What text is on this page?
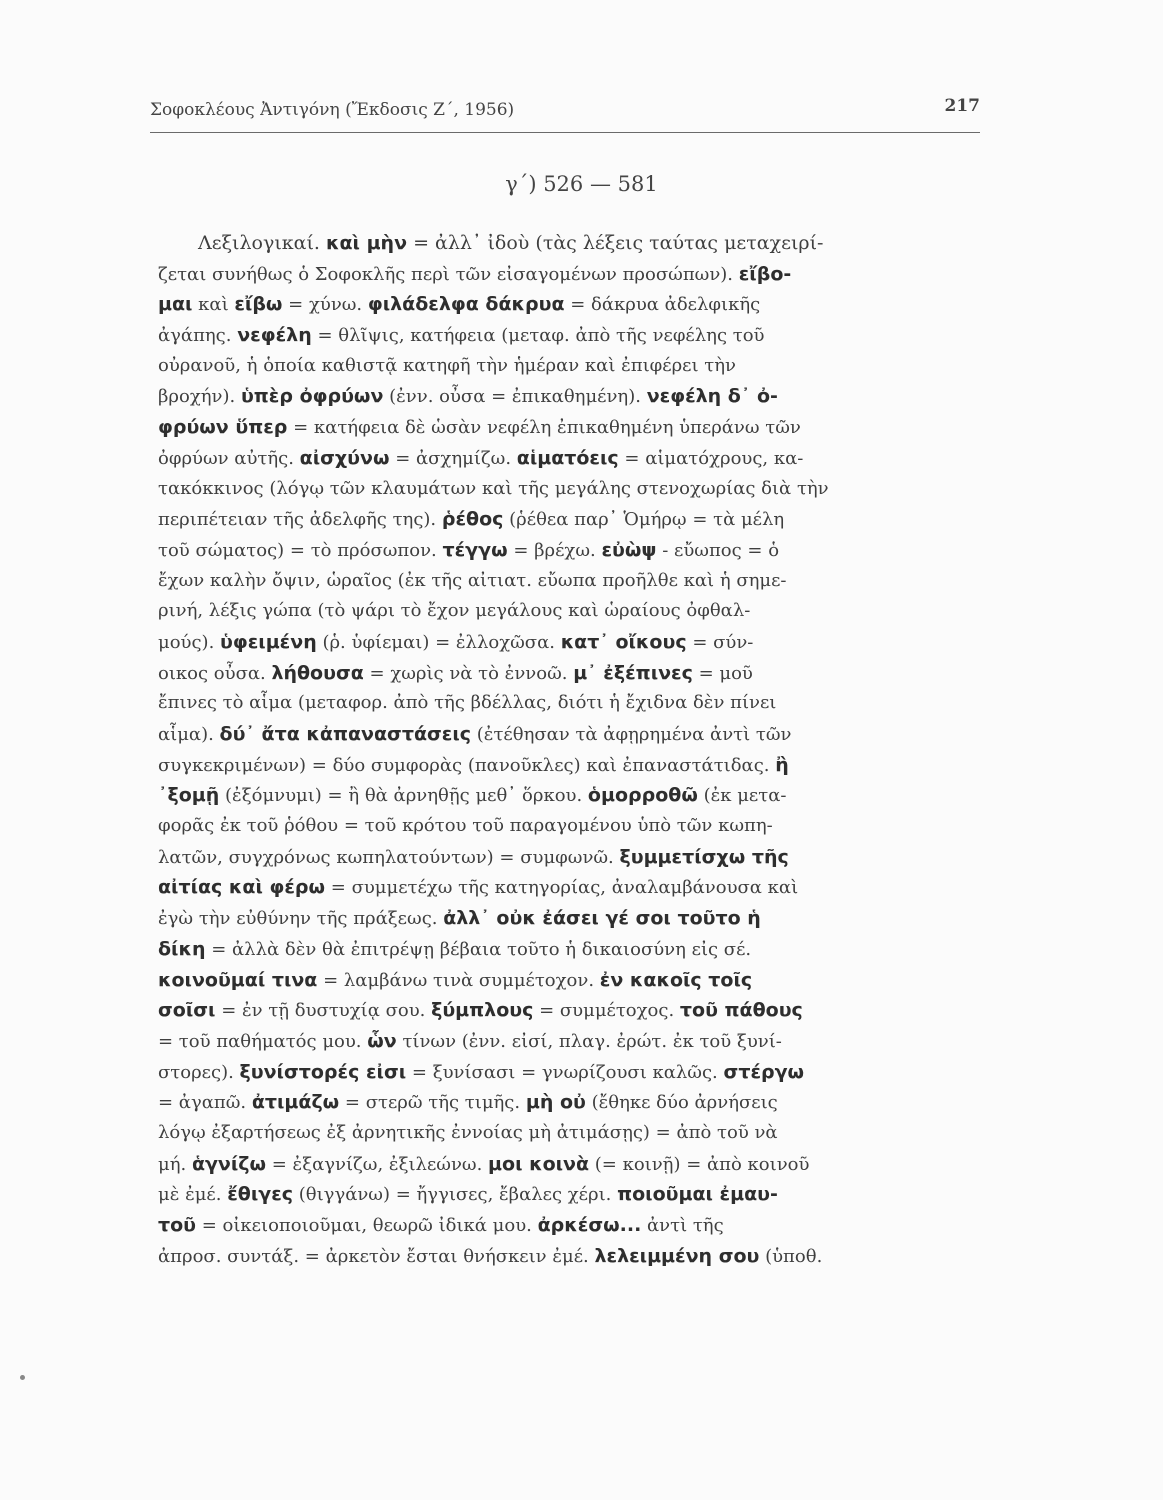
Σοφοκλέους Ἀντιγόνη (Ἔκδοσις Ζ΄, 1956)	217
γ΄) 526 — 581
Λεξιλογικαί. καὶ μὴν = ἀλλ᾽ ἰδοὺ (τὰς λέξεις ταύτας μεταχειρί-
ζεται συνήθως ὁ Σοφοκλῆς περὶ τῶν εἰσαγομένων προσώπων). εἴβο-
μαι καὶ εἴβω = χύνω. φιλάδελφα δάκρυα = δάκρυα ἀδελφικῆς
ἀγάπης. νεφέλη = θλῖψις, κατήφεια (μεταφ. ἀπὸ τῆς νεφέλης τοῦ
οὐρανοῦ, ἡ ὁποία καθιστᾷ κατηφῆ τὴν ἡμέραν καὶ ἐπιφέρει τὴν
βροχήν). ὑπὲρ ὀφρύων (ἐνν. οὖσα = ἐπικαθημένη). νεφέλη δ᾽ ὀ-
φρύων ὕπερ = κατήφεια δὲ ὡσὰν νεφέλη ἐπικαθημένη ὑπεράνω τῶν
ὀφρύων αὐτῆς. αἰσχύνω = ἀσχημίζω. αἱματόεις = αἱματόχρους, κα-
τακόκκινος (λόγῳ τῶν κλαυμάτων καὶ τῆς μεγάλης στενοχωρίας διὰ τὴν
περιπέτειαν τῆς ἀδελφῆς της). ῥέθος (ῥέθεα παρ᾽ Ὁμήρῳ = τὰ μέλη
τοῦ σώματος) = τὸ πρόσωπον. τέγγω = βρέχω. εὐὼψ - εὔωπος = ὁ
ἔχων καλὴν ὄψιν, ὡραῖος (ἐκ τῆς αἰτιατ. εὔωπα προῆλθε καὶ ἡ σημε-
ρινή, λέξις γώπα (τὸ ψάρι τὸ ἔχον μεγάλους καὶ ὡραίους ὀφθαλ-
μούς). ὑφειμένη (ῥ. ὑφίεμαι) = ἐλλοχῶσα. κατ᾽ οἴκους = σύν-
οικος οὖσα. λήθουσα = χωρὶς νὰ τὸ ἐννοῶ. μ᾽ ἐξέπινες = μοῦ
ἔπινες τὸ αἷμα (μεταφορ. ἀπὸ τῆς βδέλλας, διότι ἡ ἔχιδνα δὲν πίνει
αἷμα). δύ᾽ ἄτα κἀπαναστάσεις (ἐτέθησαν τὰ ἀφῃρημένα ἀντὶ τῶν
συγκεκριμένων) = δύο συμφορὰς (πανοῦκλες) καὶ ἐπαναστάτιδας. ἢ
᾽ξομῇ (ἐξόμνυμι) = ἢ θὰ ἀρνηθῇς μεθ᾽ ὅρκου. ὁμορροθῶ (ἐκ μετα-
φορᾶς ἐκ τοῦ ῥόθου = τοῦ κρότου τοῦ παραγομένου ὑπὸ τῶν κωπη-
λατῶν, συγχρόνως κωπηλατούντων) = συμφωνῶ. ξυμμετίσχω τῆς
αἰτίας καὶ φέρω = συμμετέχω τῆς κατηγορίας, ἀναλαμβάνουσα καὶ
ἐγὼ τὴν εὐθύνην τῆς πράξεως. ἀλλ᾽ οὐκ ἐάσει γέ σοι τοῦτο ἡ
δίκη = ἀλλὰ δὲν θὰ ἐπιτρέψῃ βέβαια τοῦτο ἡ δικαιοσύνη εἰς σέ.
κοινοῦμαί τινα = λαμβάνω τινὰ συμμέτοχον. ἐν κακοῖς τοῖς
σοῖσι = ἐν τῇ δυστυχίᾳ σου. ξύμπλους = συμμέτοχος. τοῦ πάθους
= τοῦ παθήματός μου. ὧν τίνων (ἐνν. εἰσί, πλαγ. ἐρώτ. ἐκ τοῦ ξυνί-
στορες). ξυνίστορές εἰσι = ξυνίσασι = γνωρίζουσι καλῶς. στέργω
= ἀγαπῶ. ἀτιμάζω = στερῶ τῆς τιμῆς. μὴ οὐ (ἔθηκε δύο ἀρνήσεις
λόγῳ ἐξαρτήσεως ἐξ ἀρνητικῆς ἐννοίας μὴ ἀτιμάσῃς) = ἀπὸ τοῦ νὰ
μή. ἁγνίζω = ἐξαγνίζω, ἐξιλεώνω. μοι κοινὰ (= κοινῇ) = ἀπὸ κοινοῦ
μὲ ἐμέ. ἔθιγες (θιγγάνω) = ἤγγισες, ἔβαλες χέρι. ποιοῦμαι ἐμαυ-
τοῦ = οἰκειοποιοῦμαι, θεωρῶ ἰδικά μου. ἀρκέσω... ἀντὶ τῆς
ἀπροσ. συντάξ. = ἀρκετὸν ἔσται θνήσκειν ἐμέ. λελειμμένη σου (ὑποθ.
